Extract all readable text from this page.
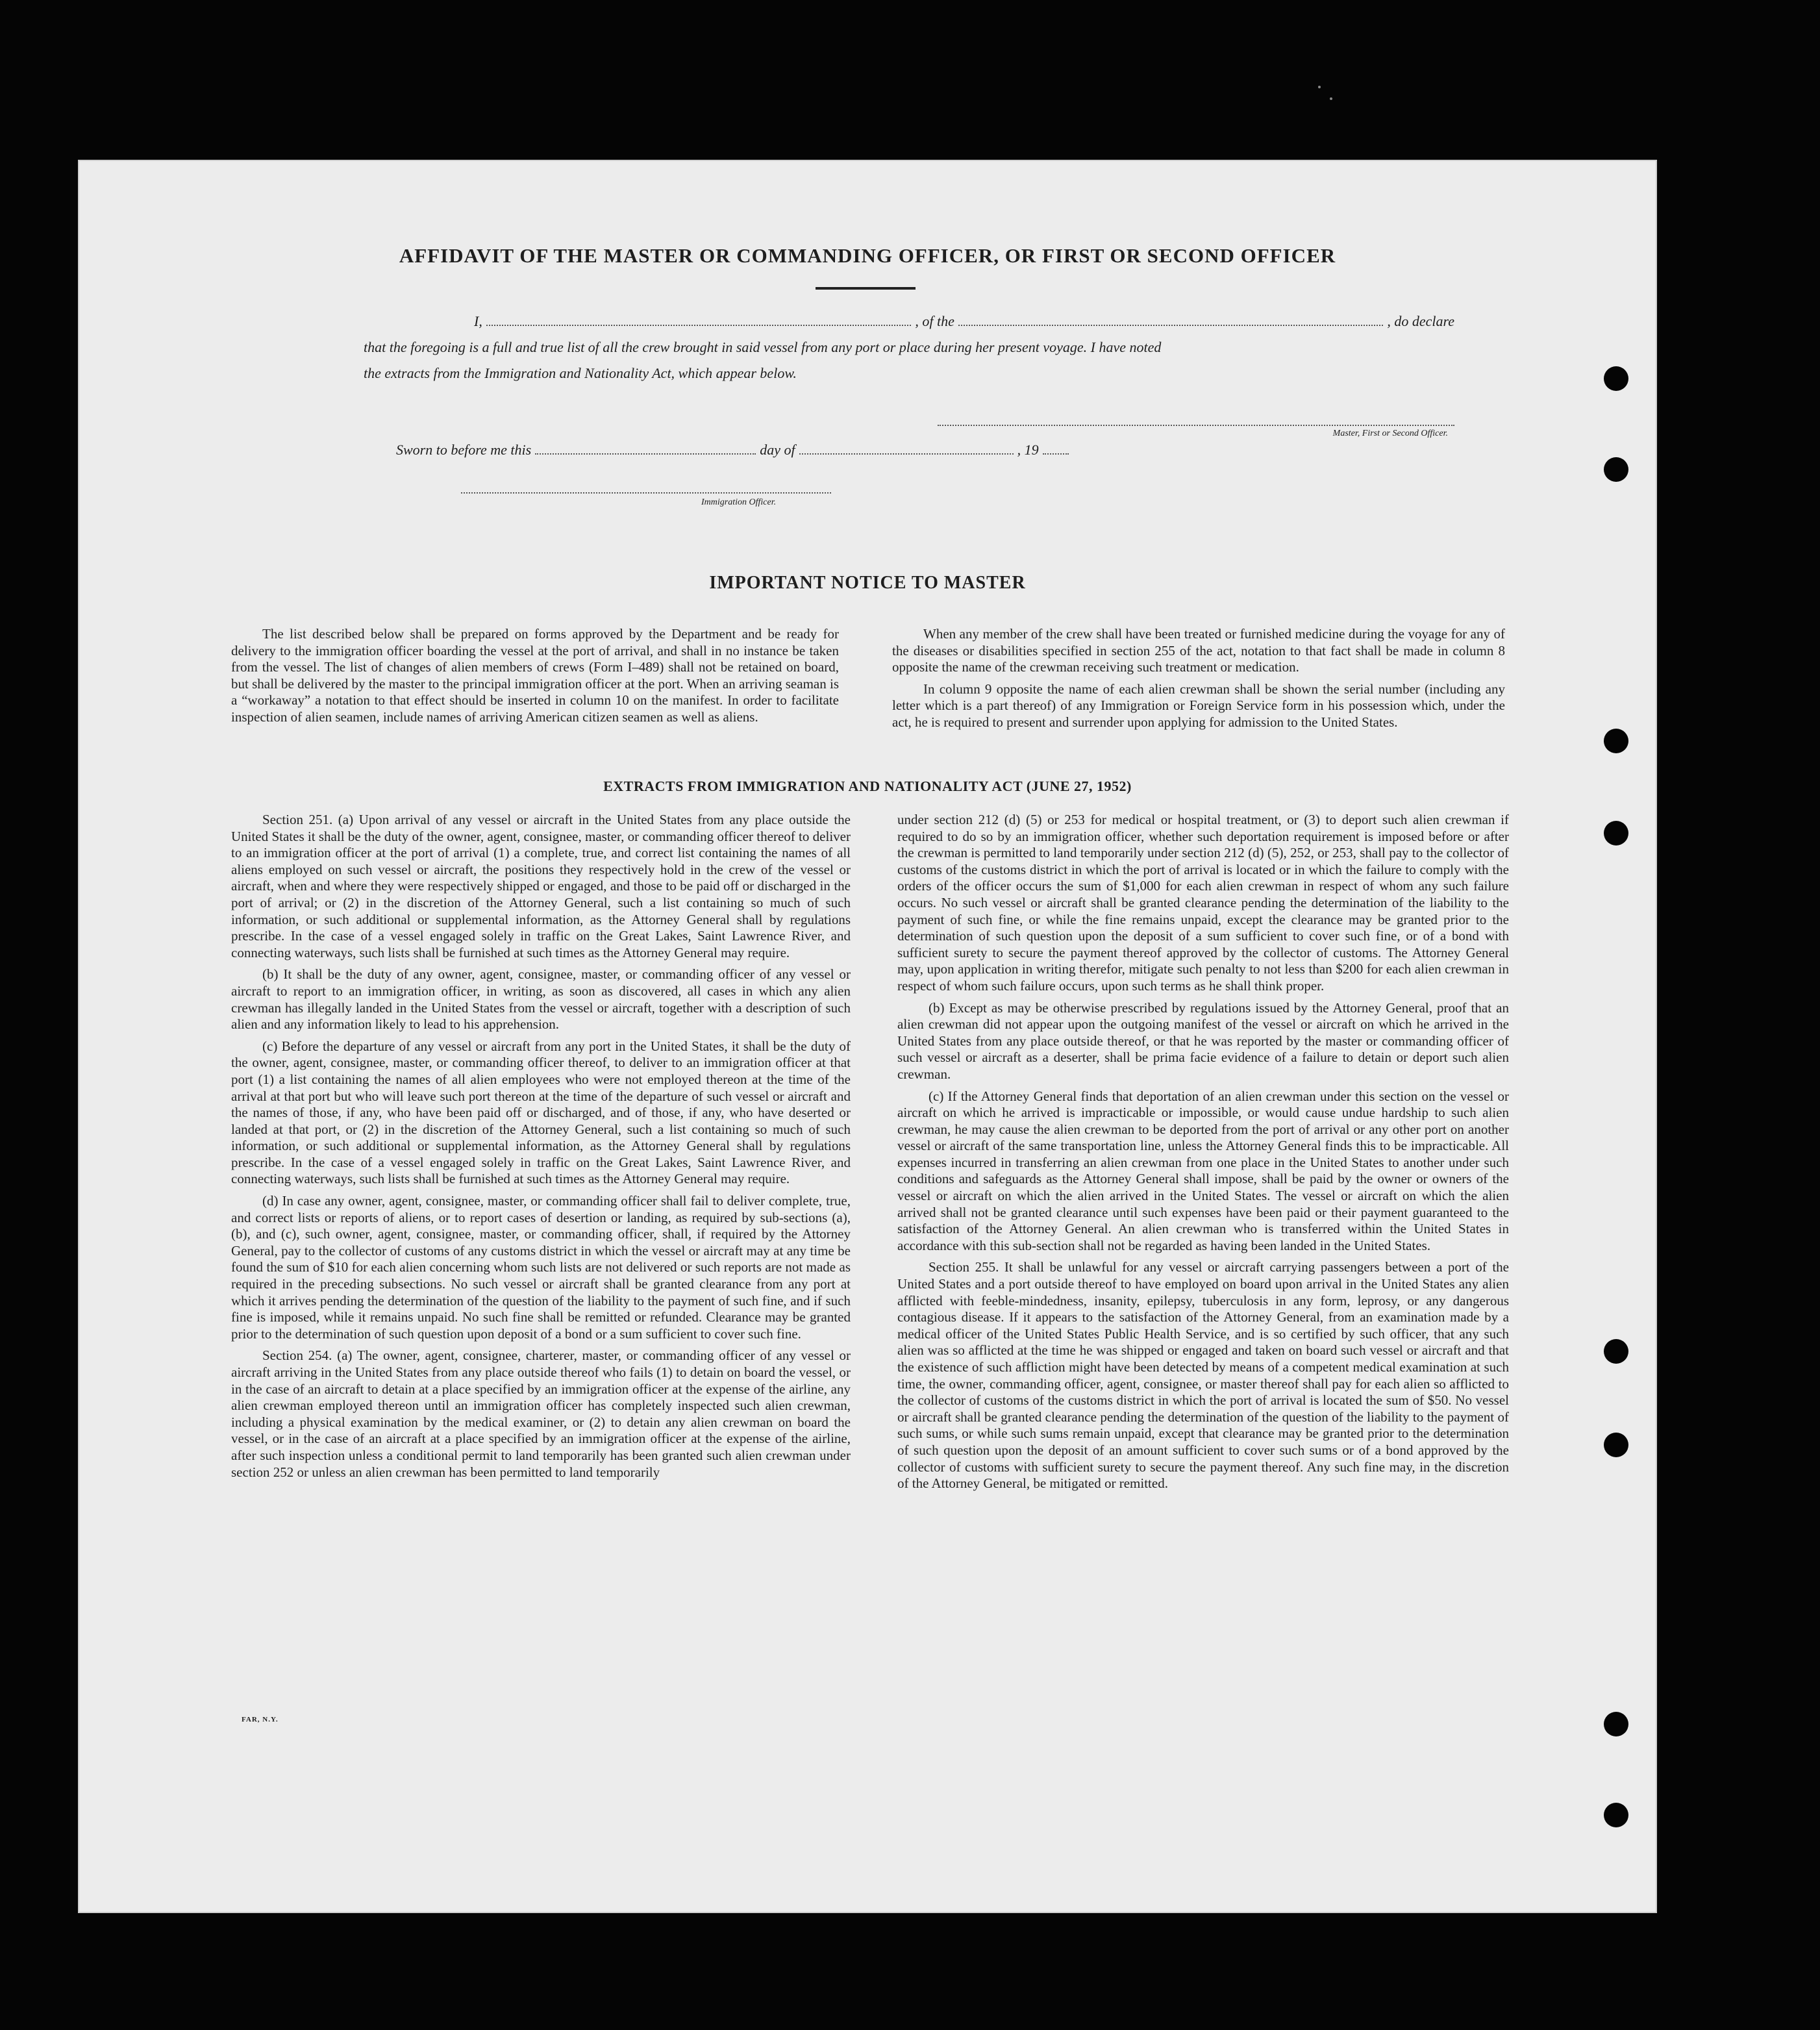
AFFIDAVIT OF THE MASTER OR COMMANDING OFFICER, OR FIRST OR SECOND OFFICER
I,	, of the	, do declare
that the foregoing is a full and true list of all the crew brought in said vessel from any port or place during her present voyage. I have noted
the extracts from the Immigration and Nationality Act, which appear below.
Master, First or Second Officer.
Sworn to before me this	day of	, 19
Immigration Officer.
IMPORTANT NOTICE TO MASTER

The list described below shall be prepared on forms approved by the Department and be ready for delivery to the immigration officer boarding the vessel at the port of arrival, and shall in no instance be taken from the vessel. The list of changes of alien members of crews (Form I–489) shall not be retained on board, but shall be delivered by the master to the principal immigration officer at the port. When an arriving seaman is a “workaway” a notation to that effect should be inserted in column 10 on the manifest. In order to facilitate inspection of alien seamen, include names of arriving American citizen seamen as well as aliens.

When any member of the crew shall have been treated or furnished medicine during the voyage for any of the diseases or disabilities specified in section 255 of the act, notation to that fact shall be made in column 8 opposite the name of the crewman receiving such treatment or medication.

In column 9 opposite the name of each alien crewman shall be shown the serial number (including any letter which is a part thereof) of any Immigration or Foreign Service form in his possession which, under the act, he is required to present and surrender upon applying for admission to the United States.

EXTRACTS FROM IMMIGRATION AND NATIONALITY ACT (JUNE 27, 1952)

Section 251. (a) Upon arrival of any vessel or aircraft in the United States from any place outside the United States it shall be the duty of the owner, agent, consignee, master, or commanding officer thereof to deliver to an immigration officer at the port of arrival (1) a complete, true, and correct list containing the names of all aliens employed on such vessel or aircraft, the positions they respectively hold in the crew of the vessel or aircraft, when and where they were respectively shipped or engaged, and those to be paid off or discharged in the port of arrival; or (2) in the discretion of the Attorney General, such a list containing so much of such information, or such additional or supplemental information, as the Attorney General shall by regulations prescribe. In the case of a vessel engaged solely in traffic on the Great Lakes, Saint Lawrence River, and connecting waterways, such lists shall be furnished at such times as the Attorney General may require.

(b) It shall be the duty of any owner, agent, consignee, master, or commanding officer of any vessel or aircraft to report to an immigration officer, in writing, as soon as discovered, all cases in which any alien crewman has illegally landed in the United States from the vessel or aircraft, together with a description of such alien and any information likely to lead to his apprehension.

(c) Before the departure of any vessel or aircraft from any port in the United States, it shall be the duty of the owner, agent, consignee, master, or commanding officer thereof, to deliver to an immigration officer at that port (1) a list containing the names of all alien employees who were not employed thereon at the time of the arrival at that port but who will leave such port thereon at the time of the departure of such vessel or aircraft and the names of those, if any, who have been paid off or discharged, and of those, if any, who have deserted or landed at that port, or (2) in the discretion of the Attorney General, such a list containing so much of such information, or such additional or supplemental information, as the Attorney General shall by regulations prescribe. In the case of a vessel engaged solely in traffic on the Great Lakes, Saint Lawrence River, and connecting waterways, such lists shall be furnished at such times as the Attorney General may require.

(d) In case any owner, agent, consignee, master, or commanding officer shall fail to deliver complete, true, and correct lists or reports of aliens, or to report cases of desertion or landing, as required by sub-sections (a), (b), and (c), such owner, agent, consignee, master, or commanding officer, shall, if required by the Attorney General, pay to the collector of customs of any customs district in which the vessel or aircraft may at any time be found the sum of $10 for each alien concerning whom such lists are not delivered or such reports are not made as required in the preceding subsections. No such vessel or aircraft shall be granted clearance from any port at which it arrives pending the determination of the question of the liability to the payment of such fine, and if such fine is imposed, while it remains unpaid. No such fine shall be remitted or refunded. Clearance may be granted prior to the determination of such question upon deposit of a bond or a sum sufficient to cover such fine.

Section 254. (a) The owner, agent, consignee, charterer, master, or commanding officer of any vessel or aircraft arriving in the United States from any place outside thereof who fails (1) to detain on board the vessel, or in the case of an aircraft to detain at a place specified by an immigration officer at the expense of the airline, any alien crewman employed thereon until an immigration officer has completely inspected such alien crewman, including a physical examination by the medical examiner, or (2) to detain any alien crewman on board the vessel, or in the case of an aircraft at a place specified by an immigration officer at the expense of the airline, after such inspection unless a conditional permit to land temporarily has been granted such alien crewman under section 252 or unless an alien crewman has been permitted to land temporarily

under section 212 (d) (5) or 253 for medical or hospital treatment, or (3) to deport such alien crewman if required to do so by an immigration officer, whether such deportation requirement is imposed before or after the crewman is permitted to land temporarily under section 212 (d) (5), 252, or 253, shall pay to the collector of customs of the customs district in which the port of arrival is located or in which the failure to comply with the orders of the officer occurs the sum of $1,000 for each alien crewman in respect of whom any such failure occurs. No such vessel or aircraft shall be granted clearance pending the determination of the liability to the payment of such fine, or while the fine remains unpaid, except the clearance may be granted prior to the determination of such question upon the deposit of a sum sufficient to cover such fine, or of a bond with sufficient surety to secure the payment thereof approved by the collector of customs. The Attorney General may, upon application in writing therefor, mitigate such penalty to not less than $200 for each alien crewman in respect of whom such failure occurs, upon such terms as he shall think proper.

(b) Except as may be otherwise prescribed by regulations issued by the Attorney General, proof that an alien crewman did not appear upon the outgoing manifest of the vessel or aircraft on which he arrived in the United States from any place outside thereof, or that he was reported by the master or commanding officer of such vessel or aircraft as a deserter, shall be prima facie evidence of a failure to detain or deport such alien crewman.

(c) If the Attorney General finds that deportation of an alien crewman under this section on the vessel or aircraft on which he arrived is impracticable or impossible, or would cause undue hardship to such alien crewman, he may cause the alien crewman to be deported from the port of arrival or any other port on another vessel or aircraft of the same transportation line, unless the Attorney General finds this to be impracticable. All expenses incurred in transferring an alien crewman from one place in the United States to another under such conditions and safeguards as the Attorney General shall impose, shall be paid by the owner or owners of the vessel or aircraft on which the alien arrived in the United States. The vessel or aircraft on which the alien arrived shall not be granted clearance until such expenses have been paid or their payment guaranteed to the satisfaction of the Attorney General. An alien crewman who is transferred within the United States in accordance with this sub-section shall not be regarded as having been landed in the United States.

Section 255. It shall be unlawful for any vessel or aircraft carrying passengers between a port of the United States and a port outside thereof to have employed on board upon arrival in the United States any alien afflicted with feeble-mindedness, insanity, epilepsy, tuberculosis in any form, leprosy, or any dangerous contagious disease. If it appears to the satisfaction of the Attorney General, from an examination made by a medical officer of the United States Public Health Service, and is so certified by such officer, that any such alien was so afflicted at the time he was shipped or engaged and taken on board such vessel or aircraft and that the existence of such affliction might have been detected by means of a competent medical examination at such time, the owner, commanding officer, agent, consignee, or master thereof shall pay for each alien so afflicted to the collector of customs of the customs district in which the port of arrival is located the sum of $50. No vessel or aircraft shall be granted clearance pending the determination of the question of the liability to the payment of such sums, or while such sums remain unpaid, except that clearance may be granted prior to the determination of such question upon the deposit of an amount sufficient to cover such sums or of a bond approved by the collector of customs with sufficient surety to secure the payment thereof. Any such fine may, in the discretion of the Attorney General, be mitigated or remitted.

FAR, N.Y.
